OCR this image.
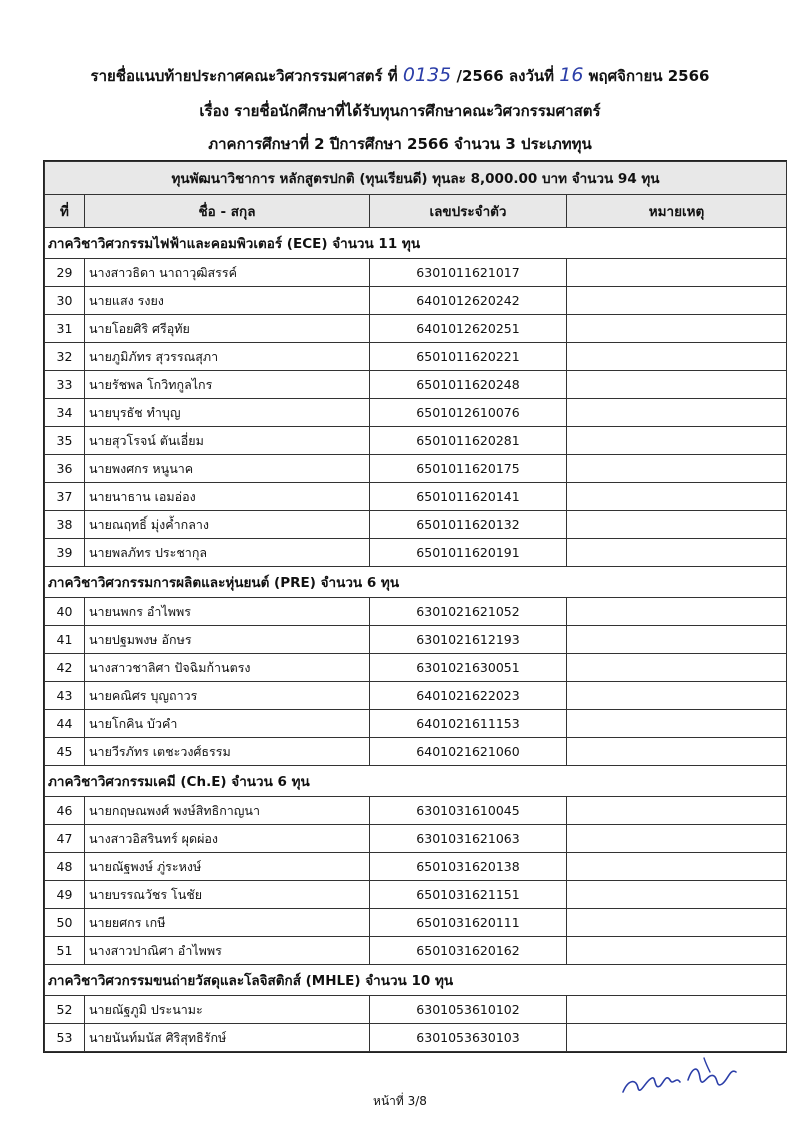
รายชื่อแนบท้ายประกาศคณะวิศวกรรมศาสตร์ ที่ 0135 /2566 ลงวันที่ 16 พฤศจิกายน 2566
เรื่อง รายชื่อนักศึกษาที่ได้รับทุนการศึกษาคณะวิศวกรรมศาสตร์
ภาคการศึกษาที่ 2 ปีการศึกษา 2566 จำนวน 3 ประเภททุน
ทุนพัฒนาวิชาการ หลักสูตรปกติ (ทุนเรียนดี) ทุนละ 8,000.00 บาท จำนวน 94 ทุน			
ที่	ชื่อ - สกุล	เลขประจำตัว	หมายเหตุ
ภาควิชาวิศวกรรมไฟฟ้าและคอมพิวเตอร์ (ECE) จำนวน 11 ทุน			
29	นางสาวธิดา นาถาวุฒิสรรค์	6301011621017	
30	นายแสง รงยง	6401012620242	
31	นายโอยศิริ ศรีอุทัย	6401012620251	
32	นายภูมิภัทร สุวรรณสุภา	6501011620221	
33	นายรัชพล โกวิทกูลไกร	6501011620248	
34	นายบุรธัช ทำบุญ	6501012610076	
35	นายสุวโรจน์ ตันเอี่ยม	6501011620281	
36	นายพงศกร หนูนาค	6501011620175	
37	นายนาธาน เอมอ่อง	6501011620141	
38	นายณฤทธิ์ มุ่งค้ำกลาง	6501011620132	
39	นายพลภัทร ประชากุล	6501011620191	
ภาควิชาวิศวกรรมการผลิตและหุ่นยนต์ (PRE) จำนวน 6 ทุน			
40	นายนพกร อำไพพร	6301021621052	
41	นายปฐมพงษ อักษร	6301021612193	
42	นางสาวชาลิศา ปัจฉิมก้านตรง	6301021630051	
43	นายคณิศร บุญถาวร	6401021622023	
44	นายโกคิน บัวคำ	6401021611153	
45	นายวีรภัทร เตชะวงศ์ธรรม	6401021621060	
ภาควิชาวิศวกรรมเคมี (Ch.E) จำนวน 6 ทุน			
46	นายกฤษณพงศ์ พงษ์สิทธิกาญนา	6301031610045	
47	นางสาวอิสรินทร์ ผุดผ่อง	6301031621063	
48	นายณัฐพงษ์ ภู่ระหงษ์	6501031620138	
49	นายบรรณวัชร โนชัย	6501031621151	
50	นายยศกร เกษี	6501031620111	
51	นางสาวปาณิศา อำไพพร	6501031620162	
ภาควิชาวิศวกรรมขนถ่ายวัสดุและโลจิสติกส์ (MHLE) จำนวน 10 ทุน			
52	นายณัฐภูมิ ประนามะ	6301053610102	
53	นายนันท์มนัส ศิริสุทธิรักษ์	6301053630103	
หน้าที่ 3/8
